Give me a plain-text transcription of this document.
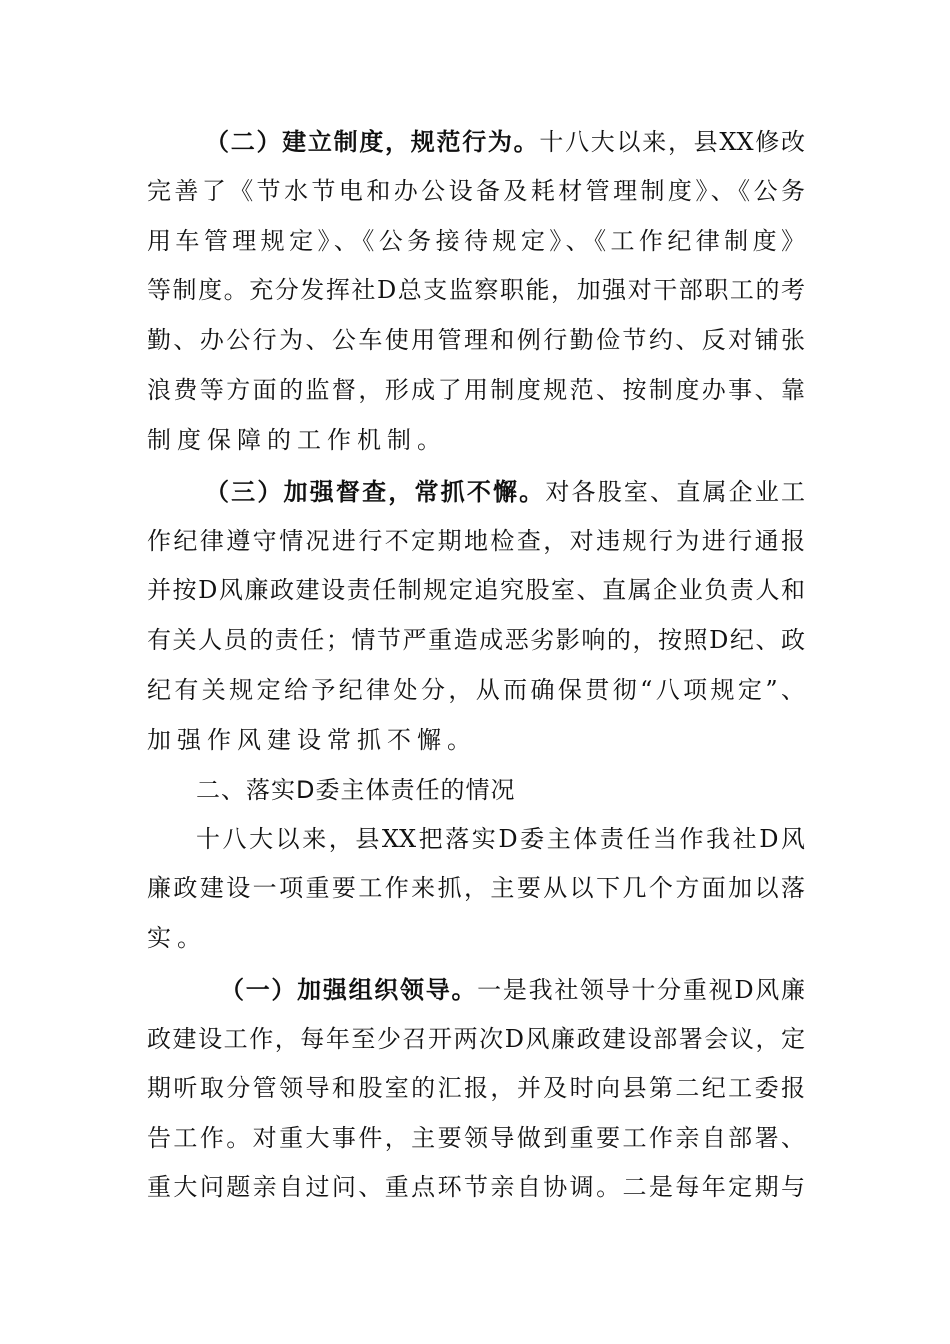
（二）建立制度，规范行为。十八大以来，县XX修改
完善了《节水节电和办公设备及耗材管理制度》、《公务
用车管理规定》、《公务接待规定》、《工作纪律制度》
等制度。充分发挥社D总支监察职能，加强对干部职工的考
勤、办公行为、公车使用管理和例行勤俭节约、反对铺张
浪费等方面的监督，形成了用制度规范、按制度办事、靠
制度保障的工作机制。
（三）加强督查，常抓不懈。对各股室、直属企业工
作纪律遵守情况进行不定期地检查，对违规行为进行通报
并按D风廉政建设责任制规定追究股室、直属企业负责人和
有关人员的责任；情节严重造成恶劣影响的，按照D纪、政
纪有关规定给予纪律处分，从而确保贯彻“八项规定”、
加强作风建设常抓不懈。
二、落实D委主体责任的情况
十八大以来，县XX把落实D委主体责任当作我社D风
廉政建设一项重要工作来抓，主要从以下几个方面加以落
实。
（一）加强组织领导。一是我社领导十分重视D风廉
政建设工作，每年至少召开两次D风廉政建设部署会议，定
期听取分管领导和股室的汇报，并及时向县第二纪工委报
告工作。对重大事件，主要领导做到重要工作亲自部署、
重大问题亲自过问、重点环节亲自协调。二是每年定期与
